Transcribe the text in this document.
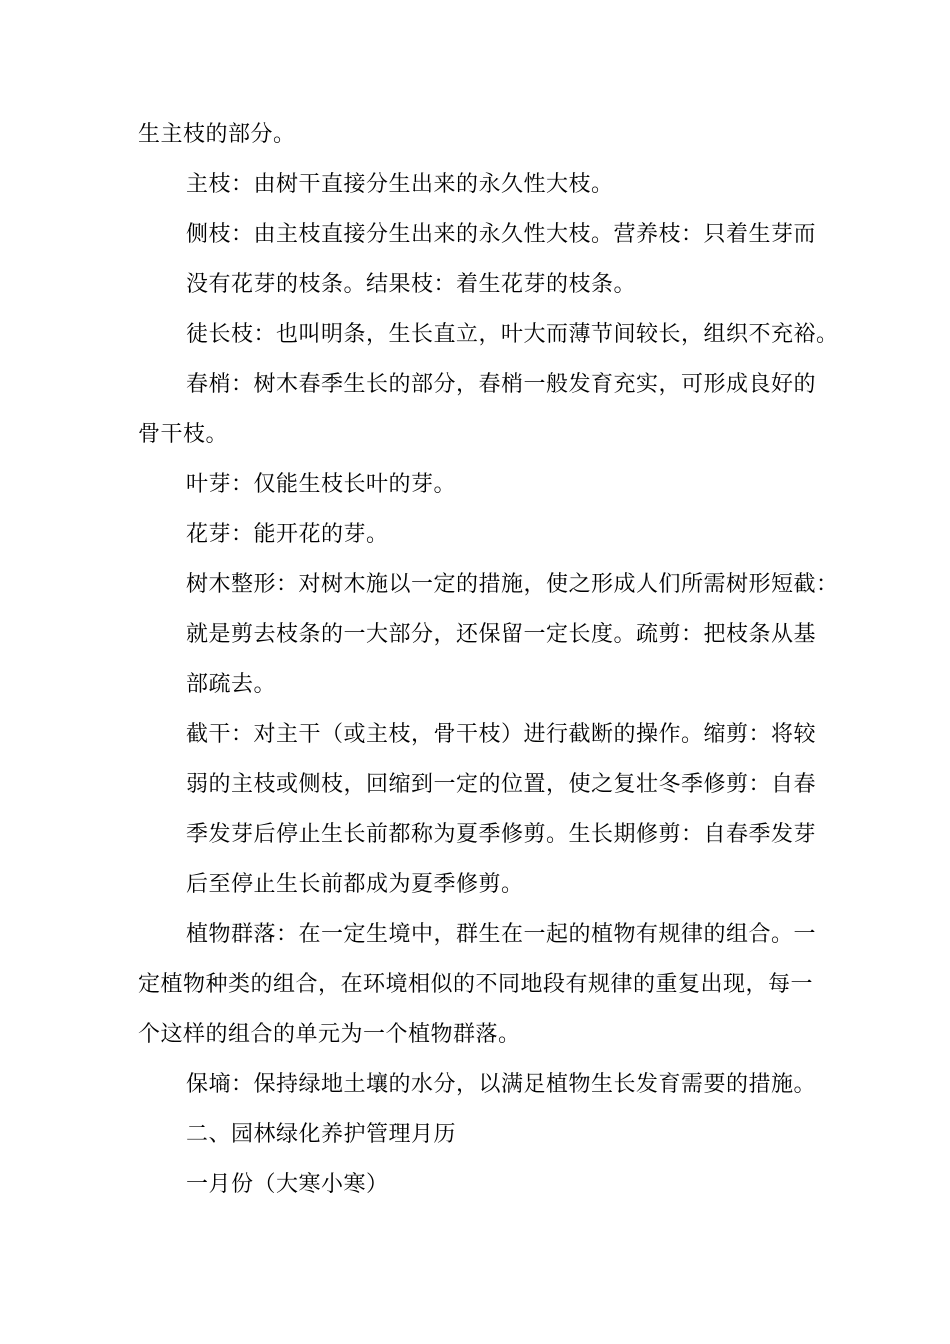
生主枝的部分。
主枝：由树干直接分生出来的永久性大枝。
侧枝：由主枝直接分生出来的永久性大枝。营养枝：只着生芽而
没有花芽的枝条。结果枝：着生花芽的枝条。
徒长枝：也叫明条，生长直立，叶大而薄节间较长，组织不充裕。
春梢：树木春季生长的部分，春梢一般发育充实，可形成良好的
骨干枝。
叶芽：仅能生枝长叶的芽。
花芽：能开花的芽。
树木整形：对树木施以一定的措施，使之形成人们所需树形短截：
就是剪去枝条的一大部分，还保留一定长度。疏剪：把枝条从基
部疏去。
截干：对主干（或主枝，骨干枝）进行截断的操作。缩剪：将较
弱的主枝或侧枝，回缩到一定的位置，使之复壮冬季修剪：自春
季发芽后停止生长前都称为夏季修剪。生长期修剪：自春季发芽
后至停止生长前都成为夏季修剪。
植物群落：在一定生境中，群生在一起的植物有规律的组合。一
定植物种类的组合，在环境相似的不同地段有规律的重复出现，每一
个这样的组合的单元为一个植物群落。
保墒：保持绿地土壤的水分，以满足植物生长发育需要的措施。
二、园林绿化养护管理月历
一月份（大寒小寒）
